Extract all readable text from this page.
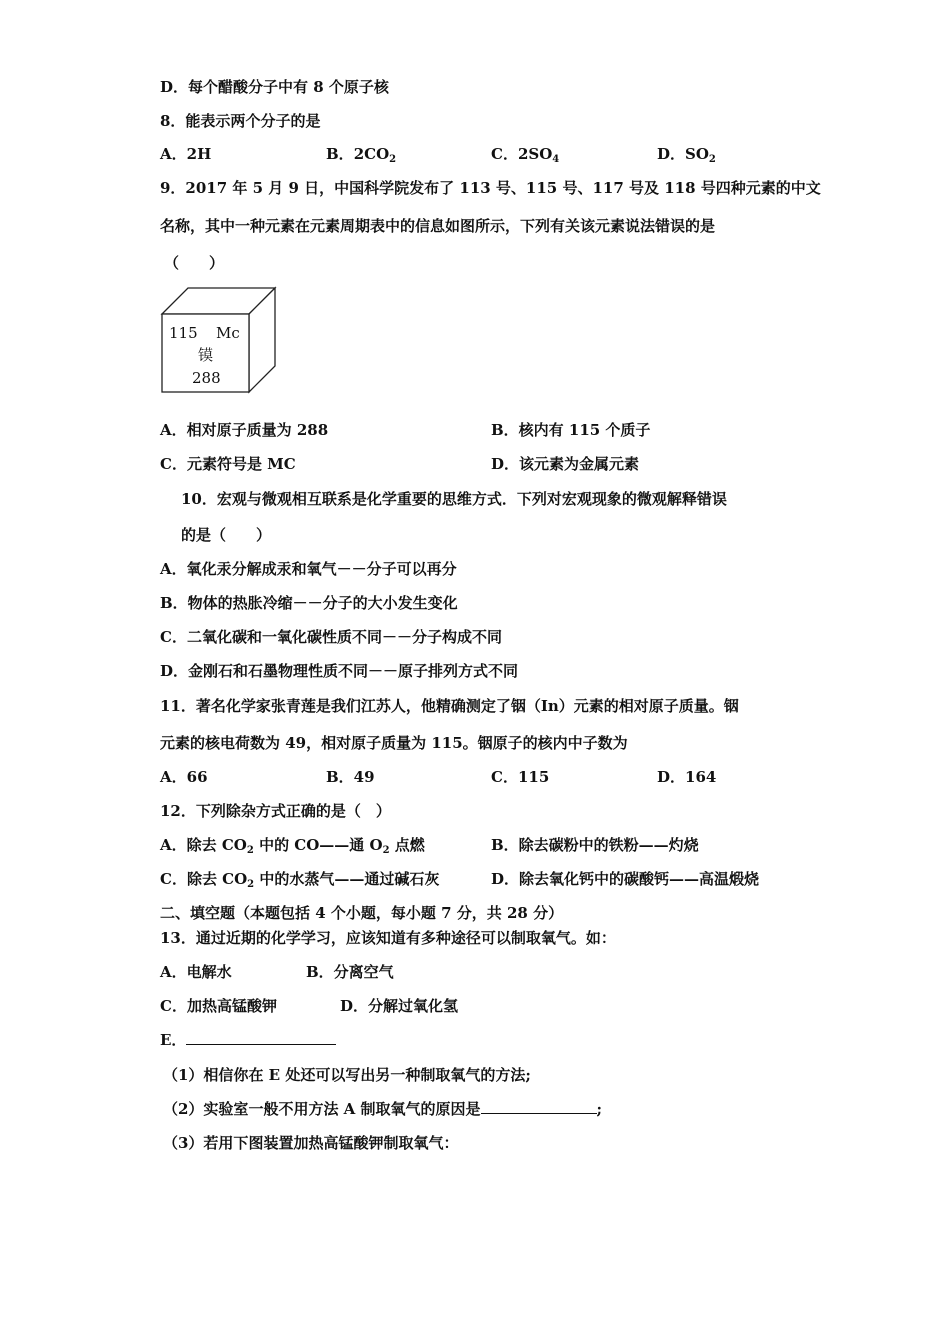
D．每个醋酸分子中有 8 个原子核
8．能表示两个分子的是
A．2H	B．$2CO_2$	C．$2SO_4$	D．$SO_2$
9．2017 年 5 月 9 日，中国科学院发布了 113 号、115 号、117 号及 118 号四种元素的中文
名称，其中一种元素在元素周期表中的信息如图所示，下列有关该元素说法错误的是
（　　）
115 Mc
镆
288
A．相对原子质量为 288	B．核内有 115 个质子
C．元素符号是 MC	D．该元素为金属元素
10．宏观与微观相互联系是化学重要的思维方式．下列对宏观现象的微观解释错误
的是（　　）
A．氧化汞分解成汞和氧气－－分子可以再分
B．物体的热胀冷缩－－分子的大小发生变化
C．二氧化碳和一氧化碳性质不同－－分子构成不同
D．金刚石和石墨物理性质不同－－原子排列方式不同
11．著名化学家张青莲是我们江苏人，他精确测定了铟（In）元素的相对原子质量。铟
元素的核电荷数为 49，相对原子质量为 115。铟原子的核内中子数为
A．66	B．49	C．115	D．164
12．下列除杂方式正确的是（　）
A．除去 $CO_2$ 中的 CO——通 $O_2$ 点燃	B．除去碳粉中的铁粉——灼烧
C．除去 $CO_2$ 中的水蒸气——通过碱石灰	D．除去氧化钙中的碳酸钙——高温煅烧
二、填空题（本题包括 4 个小题，每小题 7 分，共 28 分）
13．通过近期的化学学习，应该知道有多种途径可以制取氧气。如：
A．电解水	B．分离空气
C．加热高锰酸钾	D．分解过氧化氢
E．
（1）相信你在 E 处还可以写出另一种制取氧气的方法;
（2）实验室一般不用方法 A 制取氧气的原因是	;
（3）若用下图装置加热高锰酸钾制取氧气：
